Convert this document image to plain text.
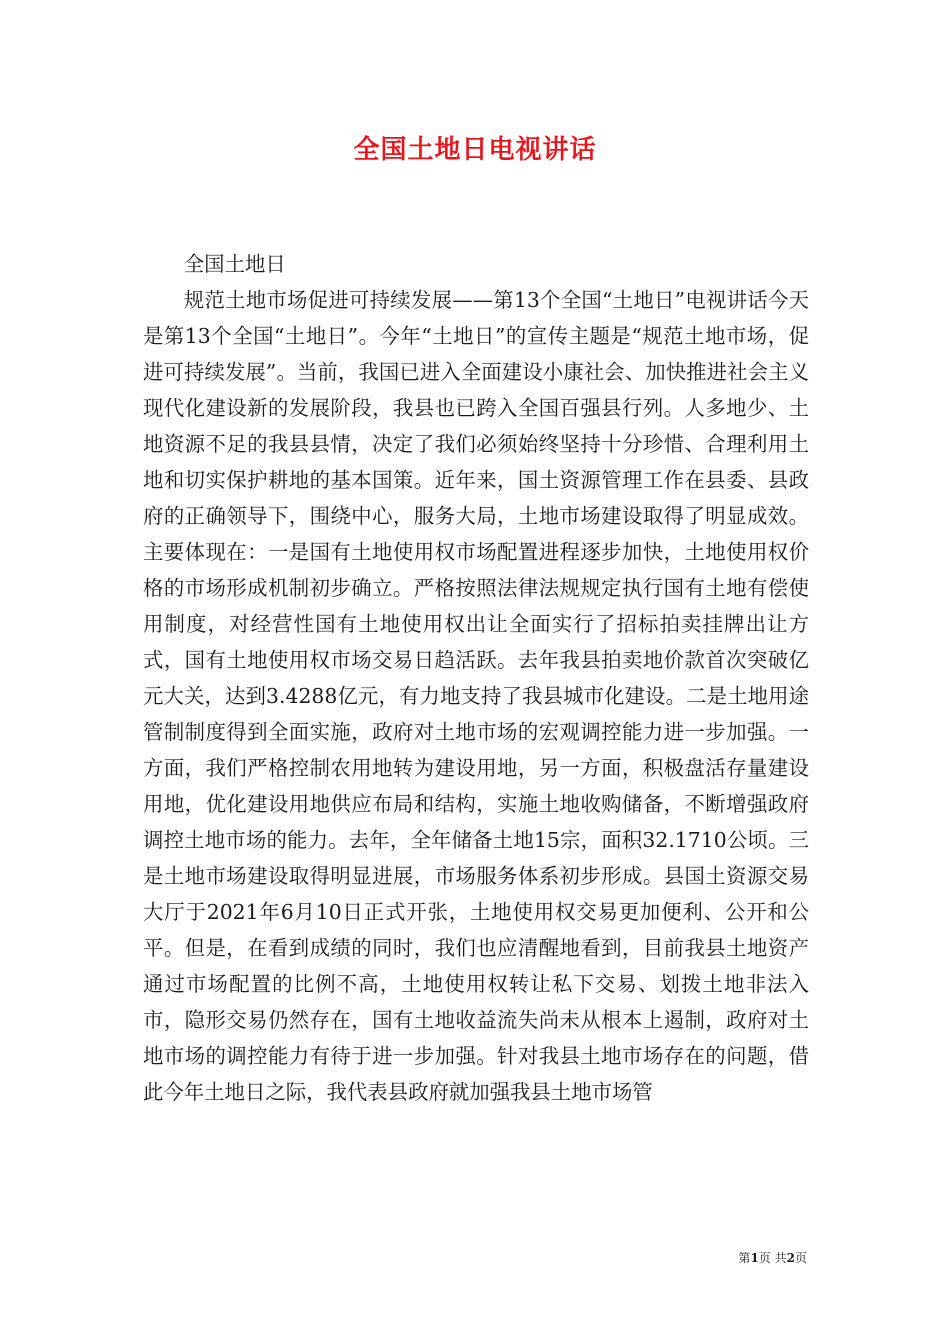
全国土地日电视讲话

全国土地日

规范土地市场促进可持续发展——第13个全国“土地日”电视讲话今天是第13个全国“土地日”。今年“土地日”的宣传主题是“规范土地市场，促进可持续发展”。当前，我国已进入全面建设小康社会、加快推进社会主义现代化建设新的发展阶段，我县也已跨入全国百强县行列。人多地少、土地资源不足的我县县情，决定了我们必须始终坚持十分珍惜、合理利用土地和切实保护耕地的基本国策。近年来，国土资源管理工作在县委、县政府的正确领导下，围绕中心，服务大局，土地市场建设取得了明显成效。主要体现在：一是国有土地使用权市场配置进程逐步加快，土地使用权价格的市场形成机制初步确立。严格按照法律法规规定执行国有土地有偿使用制度，对经营性国有土地使用权出让全面实行了招标拍卖挂牌出让方式，国有土地使用权市场交易日趋活跃。去年我县拍卖地价款首次突破亿元大关，达到3.4288亿元，有力地支持了我县城市化建设。二是土地用途管制制度得到全面实施，政府对土地市场的宏观调控能力进一步加强。一方面，我们严格控制农用地转为建设用地，另一方面，积极盘活存量建设用地，优化建设用地供应布局和结构，实施土地收购储备，不断增强政府调控土地市场的能力。去年，全年储备土地15宗，面积32.1710公顷。三是土地市场建设取得明显进展，市场服务体系初步形成。县国土资源交易大厅于2021年6月10日正式开张，土地使用权交易更加便利、公开和公平。但是，在看到成绩的同时，我们也应清醒地看到，目前我县土地资产通过市场配置的比例不高，土地使用权转让私下交易、划拨土地非法入市，隐形交易仍然存在，国有土地收益流失尚未从根本上遏制，政府对土地市场的调控能力有待于进一步加强。针对我县土地市场存在的问题，借此今年土地日之际，我代表县政府就加强我县土地市场管

第1页 共2页
